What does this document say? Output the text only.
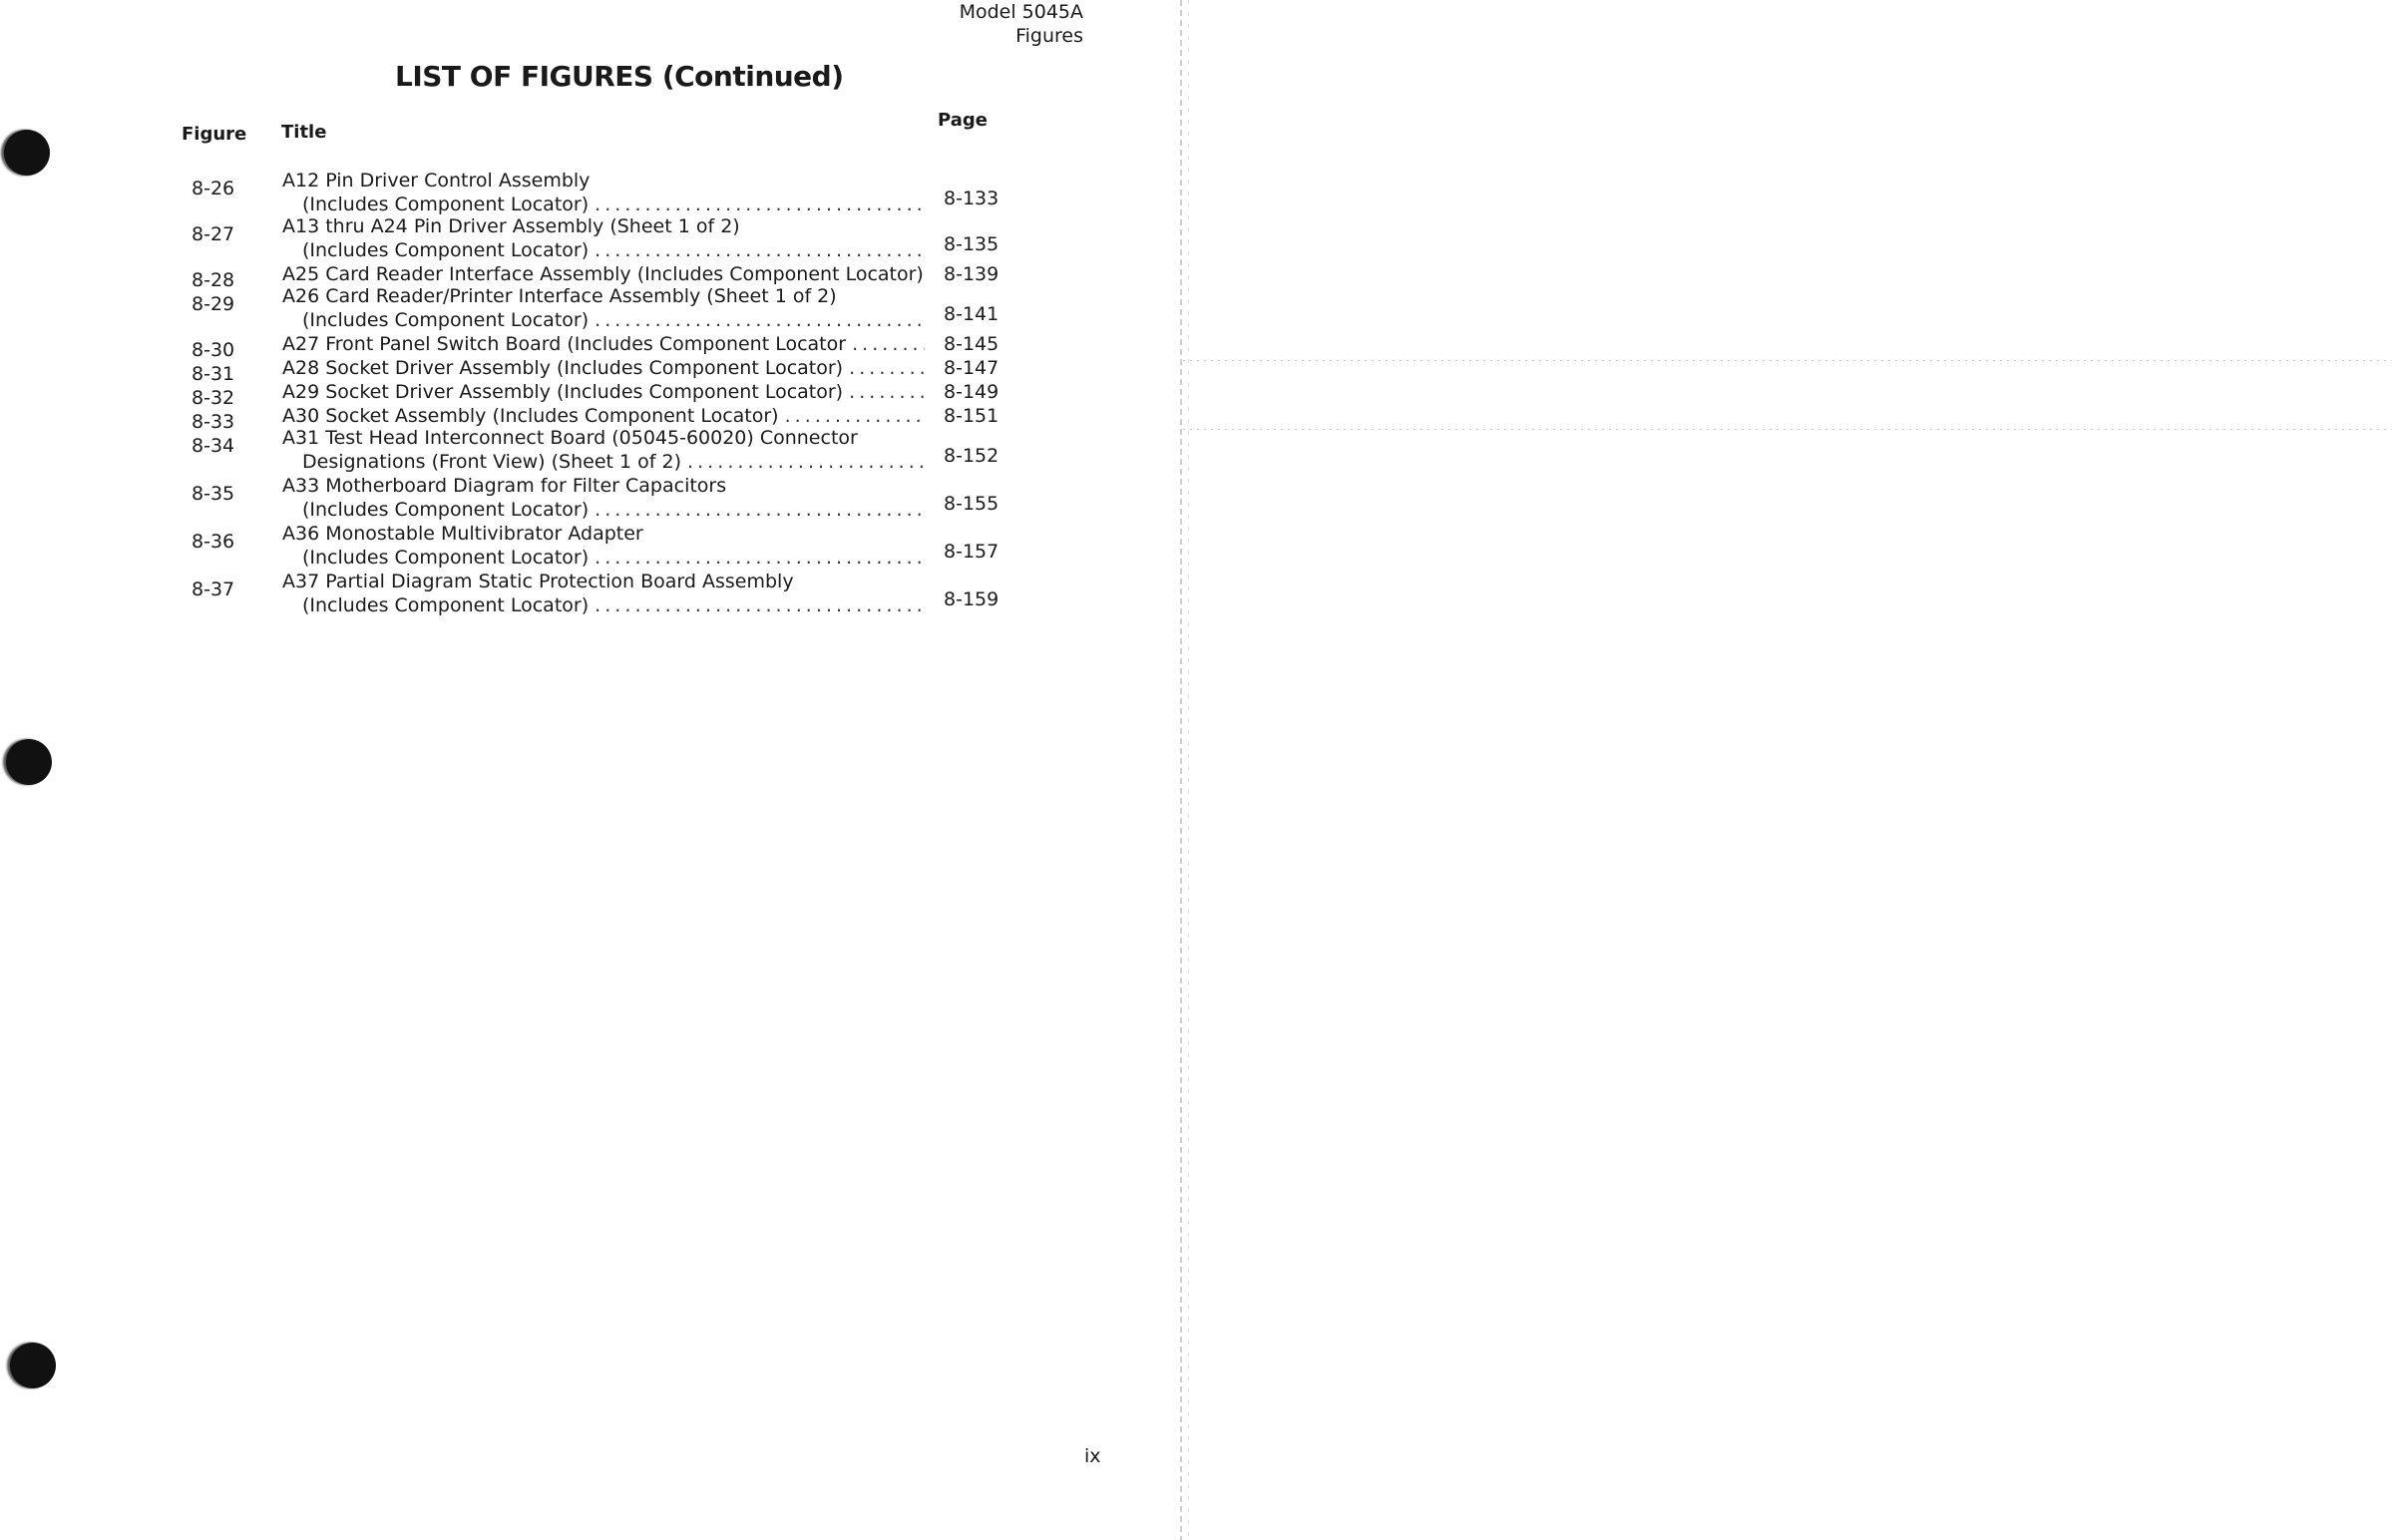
Model 5045A
Figures
LIST OF FIGURES (Continued)
Figure Title
Page
8-26	A12 Pin Driver Control Assembly
(Includes Component Locator) . . .	8-133
8-27	A13 thru A24 Pin Driver Assembly (Sheet 1 of 2)
(Includes Component Locator) . . .	8-135
8-28	A25 Card Reader Interface Assembly (Includes Component Locator) 8-139
8-29	A26 Card Reader/Printer Interface Assembly (Sheet 1 of 2)
(Includes Component Locator) . . .	8-141
8-30	A27 Front Panel Switch Board (Includes Component Locator . . .	8-145
8-31	A28 Socket Driver Assembly (Includes Component Locator) . . .	8-147
8-32	A29 Socket Driver Assembly (Includes Component Locator) . . .	8-149
8-33	A30 Socket Assembly (Includes Component Locator) . . .	8-151
8-34	A31 Test Head Interconnect Board (05045-60020) Connector
Designations (Front View) (Sheet 1 of 2) . . .	8-152
8-35	A33 Motherboard Diagram for Filter Capacitors
(Includes Component Locator) . . .	8-155
8-36	A36 Monostable Multivibrator Adapter
(Includes Component Locator) . . .	8-157
8-37	A37 Partial Diagram Static Protection Board Assembly
(Includes Component Locator) . . .	8-159
ix
